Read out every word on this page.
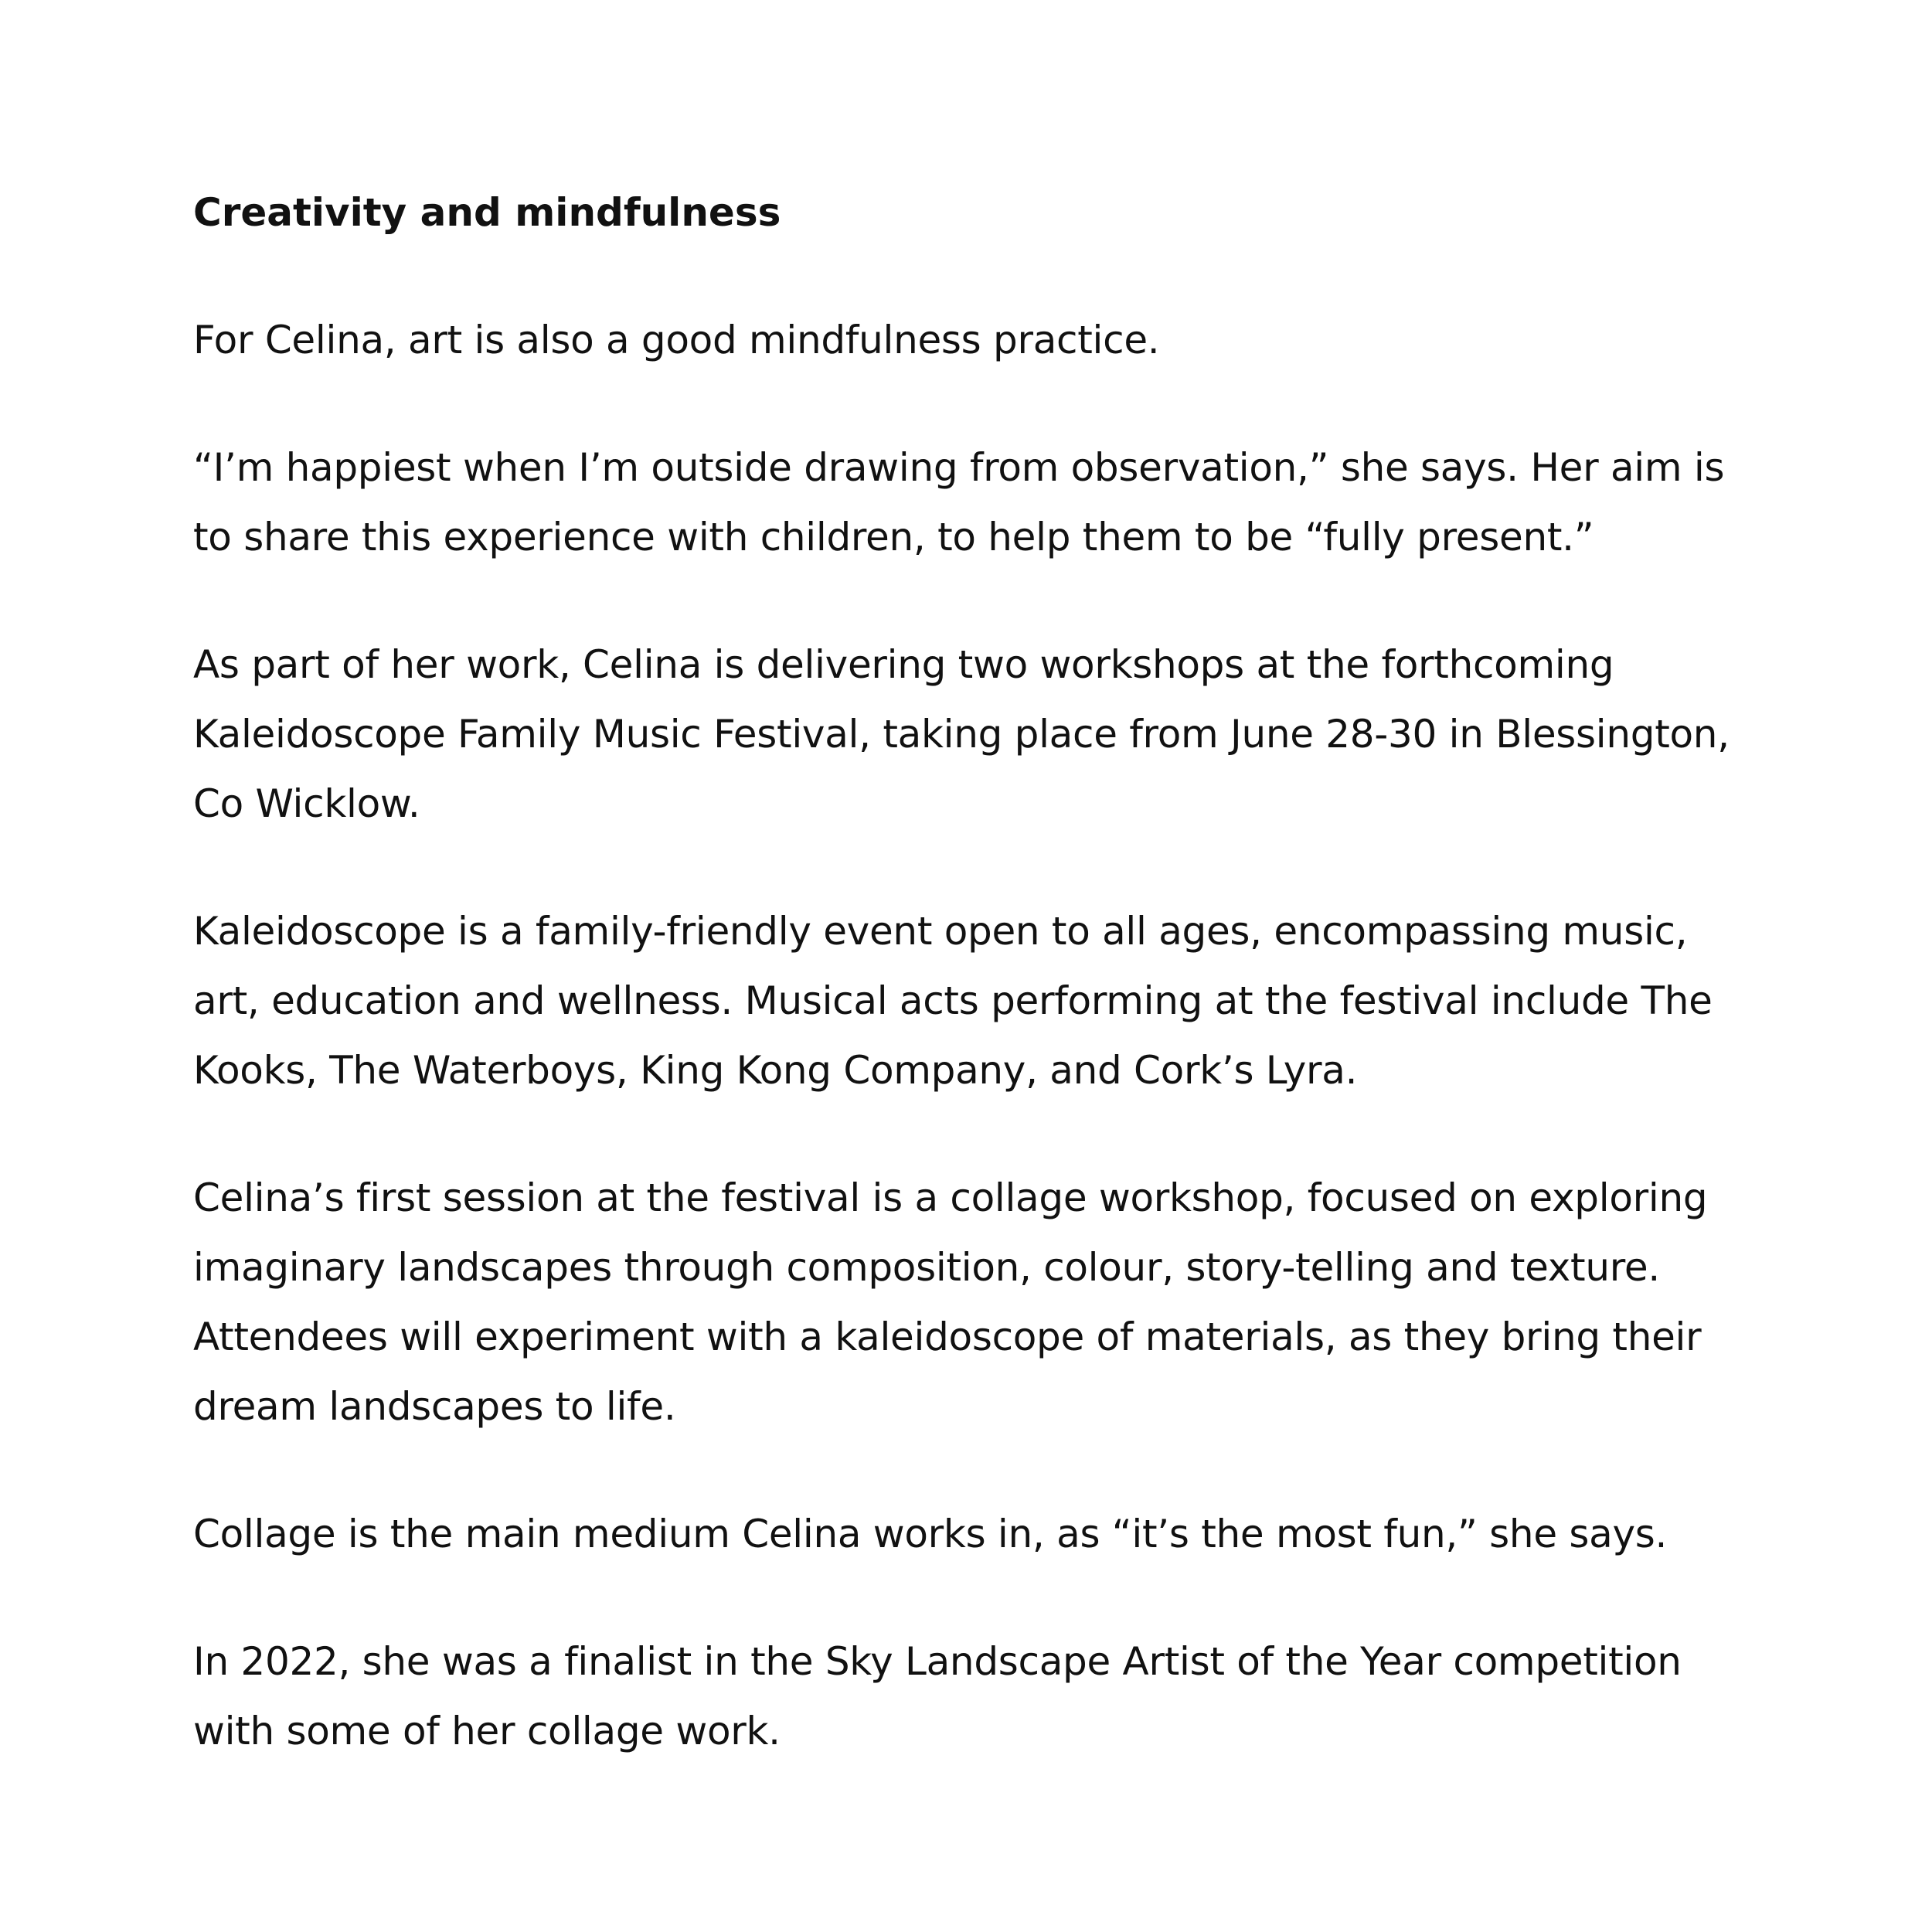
Creativity and mindfulness

For Celina, art is also a good mindfulness practice.

“I’m happiest when I’m outside drawing from observation,” she says. Her aim is
to share this experience with children, to help them to be “fully present.”

As part of her work, Celina is delivering two workshops at the forthcoming
Kaleidoscope Family Music Festival, taking place from June 28-30 in Blessington,
Co Wicklow.

Kaleidoscope is a family-friendly event open to all ages, encompassing music,
art, education and wellness. Musical acts performing at the festival include The
Kooks, The Waterboys, King Kong Company, and Cork’s Lyra.

Celina’s first session at the festival is a collage workshop, focused on exploring
imaginary landscapes through composition, colour, story-telling and texture.
Attendees will experiment with a kaleidoscope of materials, as they bring their
dream landscapes to life.

Collage is the main medium Celina works in, as “it’s the most fun,” she says.

In 2022, she was a finalist in the Sky Landscape Artist of the Year competition
with some of her collage work.
